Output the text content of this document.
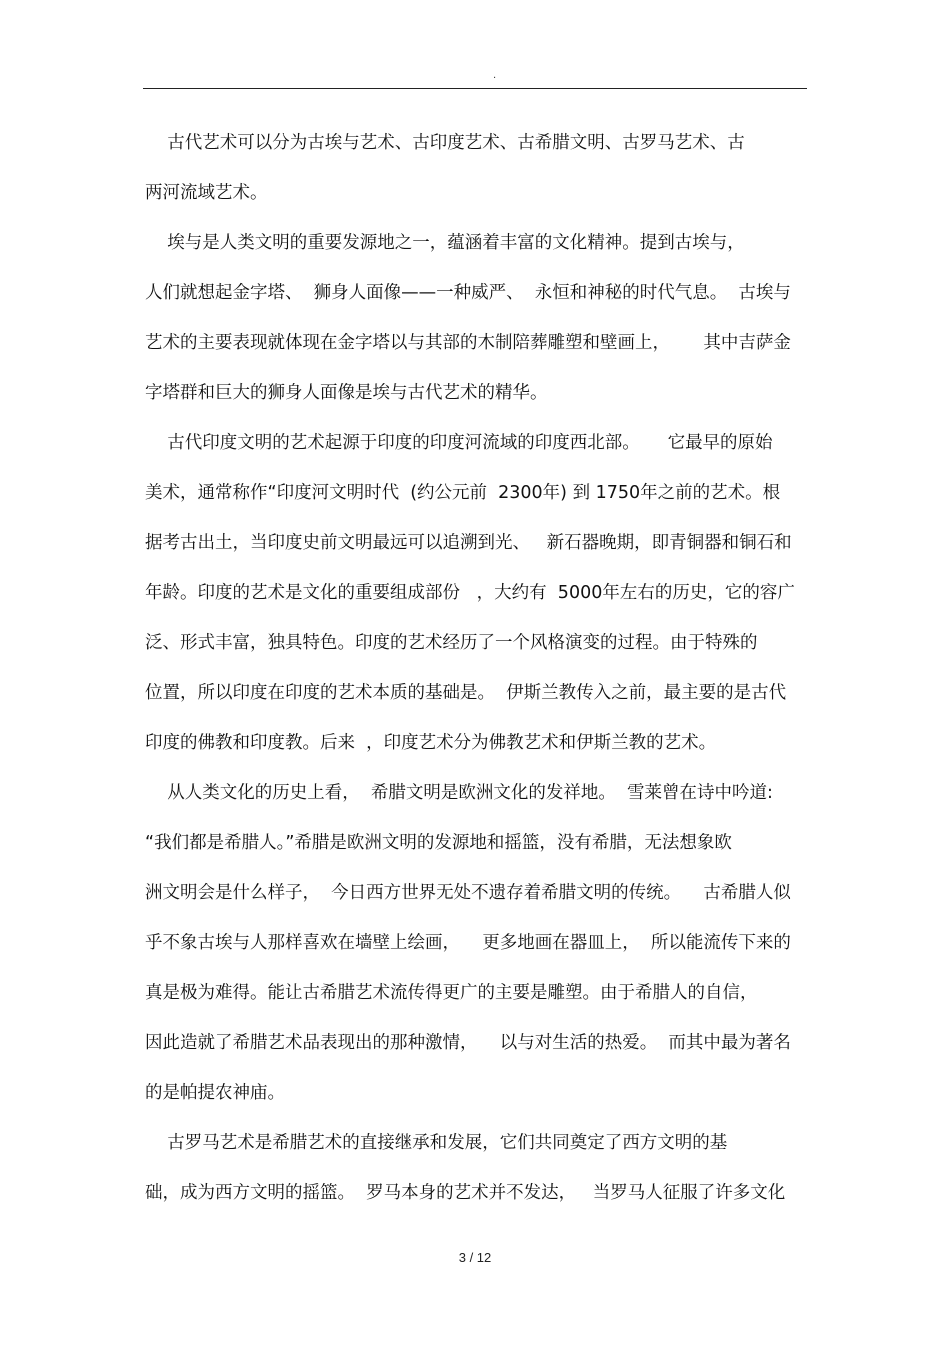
.
古代艺术可以分为古埃与艺术、古印度艺术、古希腊文明、古罗马艺术、古
两河流域艺术。
埃与是人类文明的重要发源地之一，蕴涵着丰富的文化精神。提到古埃与，
人们就想起金字塔、  狮身人面像——一种威严、  永恒和神秘的时代气息。  古埃与
艺术的主要表现就体现在金字塔以与其部的木制陪葬雕塑和壁画上，      其中吉萨金
字塔群和巨大的狮身人面像是埃与古代艺术的精华。
古代印度文明的艺术起源于印度的印度河流域的印度西北部。     它最早的原始
美术，通常称作“印度河文明时代  (约公元前  2300年) 到 1750年之前的艺术。根
据考古出土，当印度史前文明最远可以追溯到光、   新石器晚期，即青铜器和铜石和
年龄。印度的艺术是文化的重要组成部份   ，大约有  5000年左右的历史，它的容广
泛、形式丰富，独具特色。印度的艺术经历了一个风格演变的过程。由于特殊的
位置，所以印度在印度的艺术本质的基础是。  伊斯兰教传入之前，最主要的是古代
印度的佛教和印度教。后来  ，印度艺术分为佛教艺术和伊斯兰教的艺术。
从人类文化的历史上看，  希腊文明是欧洲文化的发祥地。  雪莱曾在诗中吟道:
“我们都是希腊人。”希腊是欧洲文明的发源地和摇篮，没有希腊，无法想象欧
洲文明会是什么样子，  今日西方世界无处不遗存着希腊文明的传统。    古希腊人似
乎不象古埃与人那样喜欢在墙壁上绘画，    更多地画在器皿上，  所以能流传下来的
真是极为难得。能让古希腊艺术流传得更广的主要是雕塑。由于希腊人的自信，
因此造就了希腊艺术品表现出的那种激情，    以与对生活的热爱。  而其中最为著名
的是帕提农神庙。
古罗马艺术是希腊艺术的直接继承和发展，它们共同奠定了西方文明的基
础，成为西方文明的摇篮。  罗马本身的艺术并不发达，   当罗马人征服了许多文化
3 / 12
